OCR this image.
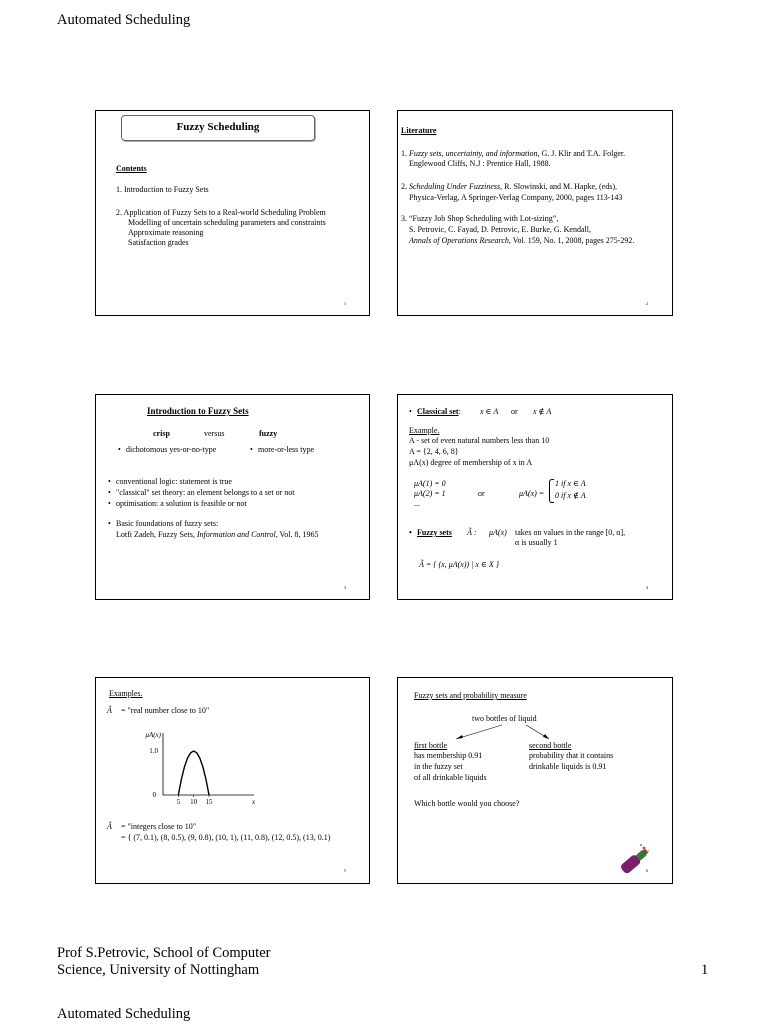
Automated Scheduling
Fuzzy Scheduling
Contents
1. Introduction to Fuzzy Sets
2. Application of Fuzzy Sets to a Real-world Scheduling Problem
Modelling of uncertain scheduling parameters and constraints
Approximate reasoning
Satisfaction grades
1
Literature
1. Fuzzy sets, uncertainty, and information, G. J. Klir and T.A. Folger.
Englewood Cliffs, N.J : Prentice Hall, 1988.
2. Scheduling Under Fuzziness, R. Slowinski, and M. Hapke, (eds),
Physica-Verlag, A Springer-Verlag Company, 2000, pages 113-143
3. “Fuzzy Job Shop Scheduling with Lot-sizing”,
S. Petrovic, C. Fayad, D. Petrovic, E. Burke, G. Kendall,
Annals of Operations Research, Vol. 159, No. 1, 2008, pages 275-292.
2
Introduction to Fuzzy Sets
crisp	versus	fuzzy
• dichotomous yes-or-no-type
•	more-or-less type
• conventional logic: statement is true
• "classical" set theory: an element belongs to a set or not
• optimisation: a solution is feasible or not
• Basic foundations of fuzzy sets:
Lotfi Zadeh, Fuzzy Sets, Information and Control, Vol. 8, 1965
3
• Classical set: x ∈ A or x ∉ A
Example.
A - set of even natural numbers less than 10
A = {2, 4, 6, 8}
μA(x) degree of membership of x in A
μA(1) = 0
μA(2) = 1
...
or	μA(x) =
1 if x ∈ A
0 if x ∉ A
• Fuzzy sets Ã : μA(x) takes on values in the range [0, α],
α is usually 1
Ã = { (x, μA(x)) | x ∈ X }
4
Examples.
Ã = "real number close to 10"
5 10 15
0
1.0
μA(x)
x
Ã = "integers close to 10"
= { (7, 0.1), (8, 0.5), (9, 0.8), (10, 1), (11, 0.8), (12, 0.5), (13, 0.1)
5
Fuzzy sets and probability measure
two bottles of liquid
first bottle
has membership 0.91
in the fuzzy set
of all drinkable liquids
second bottle
probability that it contains
drinkable liquids is 0.91
Which bottle would you choose?
6
Prof S.Petrovic, School of Computer
Science, University of Nottingham	1
Automated Scheduling
